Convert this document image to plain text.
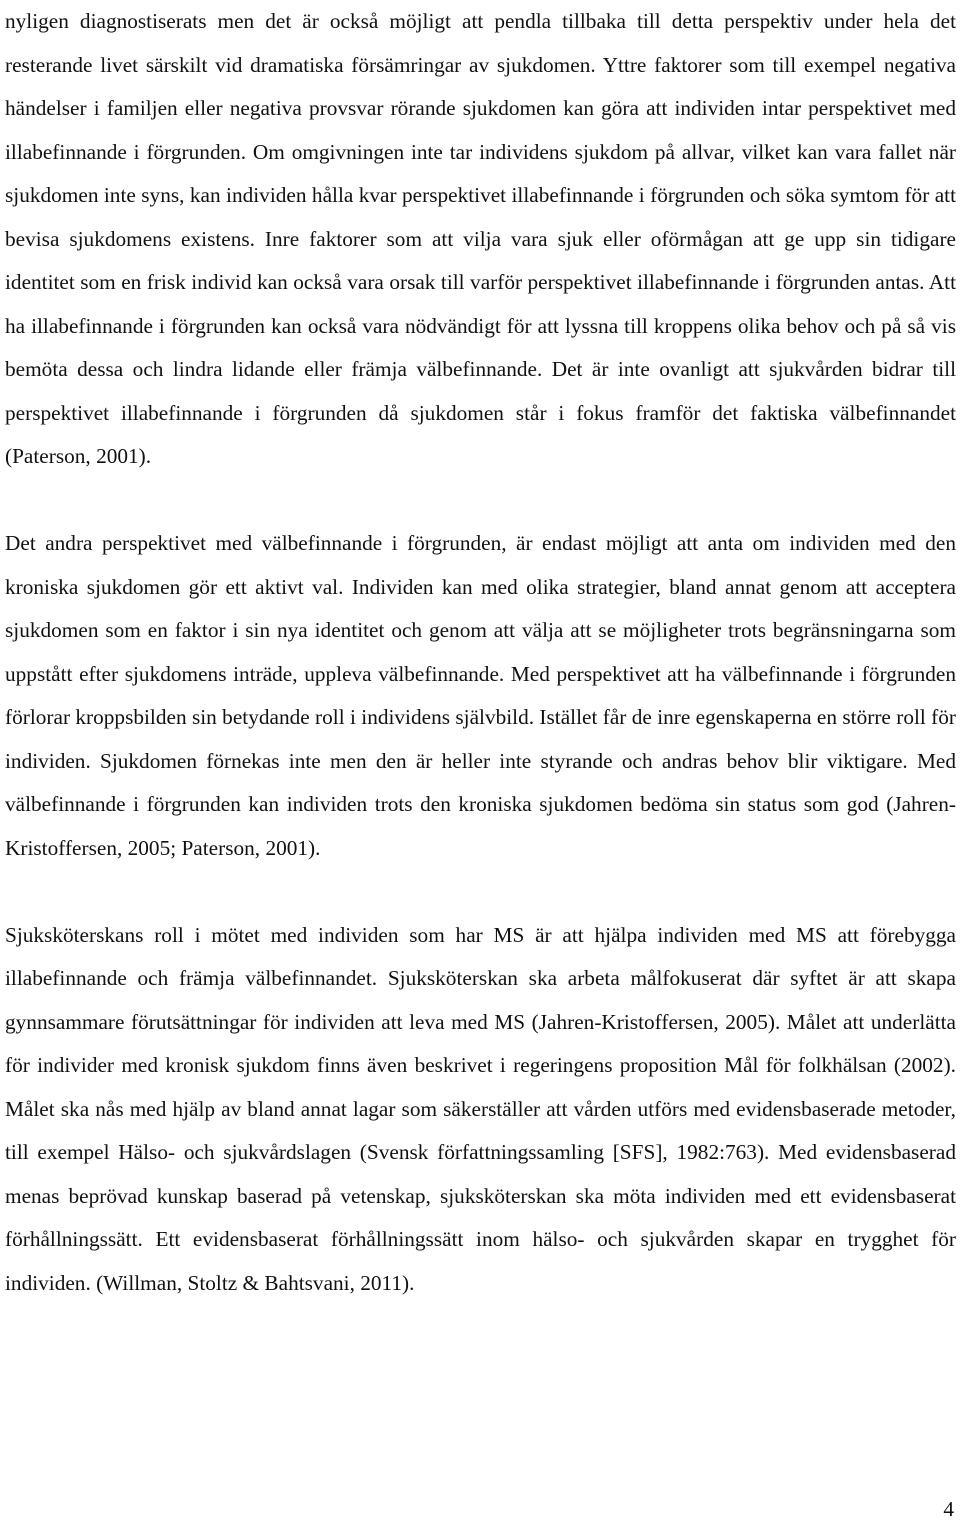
nyligen diagnostiserats men det är också möjligt att pendla tillbaka till detta perspektiv under hela det resterande livet särskilt vid dramatiska försämringar av sjukdomen. Yttre faktorer som till exempel negativa händelser i familjen eller negativa provsvar rörande sjukdomen kan göra att individen intar perspektivet med illabefinnande i förgrunden. Om omgivningen inte tar individens sjukdom på allvar, vilket kan vara fallet när sjukdomen inte syns, kan individen hålla kvar perspektivet illabefinnande i förgrunden och söka symtom för att bevisa sjukdomens existens. Inre faktorer som att vilja vara sjuk eller oförmågan att ge upp sin tidigare identitet som en frisk individ kan också vara orsak till varför perspektivet illabefinnande i förgrunden antas. Att ha illabefinnande i förgrunden kan också vara nödvändigt för att lyssna till kroppens olika behov och på så vis bemöta dessa och lindra lidande eller främja välbefinnande. Det är inte ovanligt att sjukvården bidrar till perspektivet illabefinnande i förgrunden då sjukdomen står i fokus framför det faktiska välbefinnandet (Paterson, 2001).

Det andra perspektivet med välbefinnande i förgrunden, är endast möjligt att anta om individen med den kroniska sjukdomen gör ett aktivt val. Individen kan med olika strategier, bland annat genom att acceptera sjukdomen som en faktor i sin nya identitet och genom att välja att se möjligheter trots begränsningarna som uppstått efter sjukdomens inträde, uppleva välbefinnande. Med perspektivet att ha välbefinnande i förgrunden förlorar kroppsbilden sin betydande roll i individens självbild. Istället får de inre egenskaperna en större roll för individen. Sjukdomen förnekas inte men den är heller inte styrande och andras behov blir viktigare. Med välbefinnande i förgrunden kan individen trots den kroniska sjukdomen bedöma sin status som god (Jahren-Kristoffersen, 2005; Paterson, 2001).

Sjuksköterskans roll i mötet med individen som har MS är att hjälpa individen med MS att förebygga illabefinnande och främja välbefinnandet. Sjuksköterskan ska arbeta målfokuserat där syftet är att skapa gynnsammare förutsättningar för individen att leva med MS (Jahren-Kristoffersen, 2005). Målet att underlätta för individer med kronisk sjukdom finns även beskrivet i regeringens proposition Mål för folkhälsan (2002). Målet ska nås med hjälp av bland annat lagar som säkerställer att vården utförs med evidensbaserade metoder, till exempel Hälso- och sjukvårdslagen (Svensk författningssamling [SFS], 1982:763). Med evidensbaserad menas beprövad kunskap baserad på vetenskap, sjuksköterskan ska möta individen med ett evidensbaserat förhållningssätt. Ett evidensbaserat förhållningssätt inom hälso- och sjukvården skapar en trygghet för individen. (Willman, Stoltz & Bahtsvani, 2011).

4
